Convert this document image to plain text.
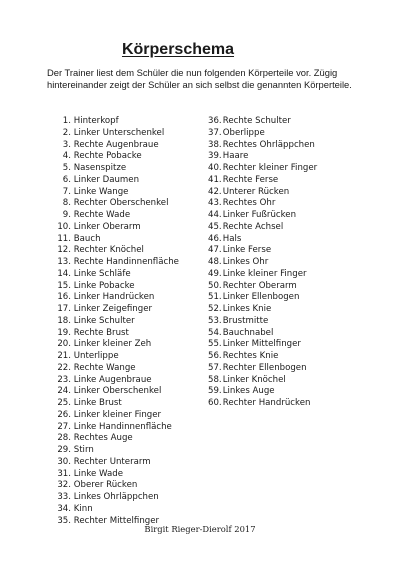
Körperschema
Der Trainer liest dem Schüler die nun folgenden Körperteile vor. Zügig hintereinander zeigt der Schüler an sich selbst die genannten Körperteile.
1.
Hinterkopf
2.
Linker Unterschenkel
3.
Rechte Augenbraue
4.
Rechte Pobacke
5.
Nasenspitze
6.
Linker Daumen
7.
Linke Wange
8.
Rechter Oberschenkel
9.
Rechte Wade
10.
Linker Oberarm
11.
Bauch
12.
Rechter Knöchel
13.
Rechte Handinnenfläche
14.
Linke Schläfe
15.
Linke Pobacke
16.
Linker Handrücken
17.
Linker Zeigefinger
18.
Linke Schulter
19.
Rechte Brust
20.
Linker kleiner Zeh
21.
Unterlippe
22.
Rechte Wange
23.
Linke Augenbraue
24.
Linker Oberschenkel
25.
Linke Brust
26.
Linker kleiner Finger
27.
Linke Handinnenfläche
28.
Rechtes Auge
29.
Stirn
30.
Rechter Unterarm
31.
Linke Wade
32.
Oberer Rücken
33.
Linkes Ohrläppchen
34.
Kinn
35.
Rechter Mittelfinger
36.
Rechte Schulter
37.
Oberlippe
38.
Rechtes Ohrläppchen
39.
Haare
40.
Rechter kleiner Finger
41.
Rechte Ferse
42.
Unterer Rücken
43.
Rechtes Ohr
44.
Linker Fußrücken
45.
Rechte Achsel
46.
Hals
47.
Linke Ferse
48.
Linkes Ohr
49.
Linke kleiner Finger
50.
Rechter Oberarm
51.
Linker Ellenbogen
52.
Linkes Knie
53.
Brustmitte
54.
Bauchnabel
55.
Linker Mittelfinger
56.
Rechtes Knie
57.
Rechter Ellenbogen
58.
Linker Knöchel
59.
Linkes Auge
60.
Rechter Handrücken
Birgit Rieger-Dierolf 2017
